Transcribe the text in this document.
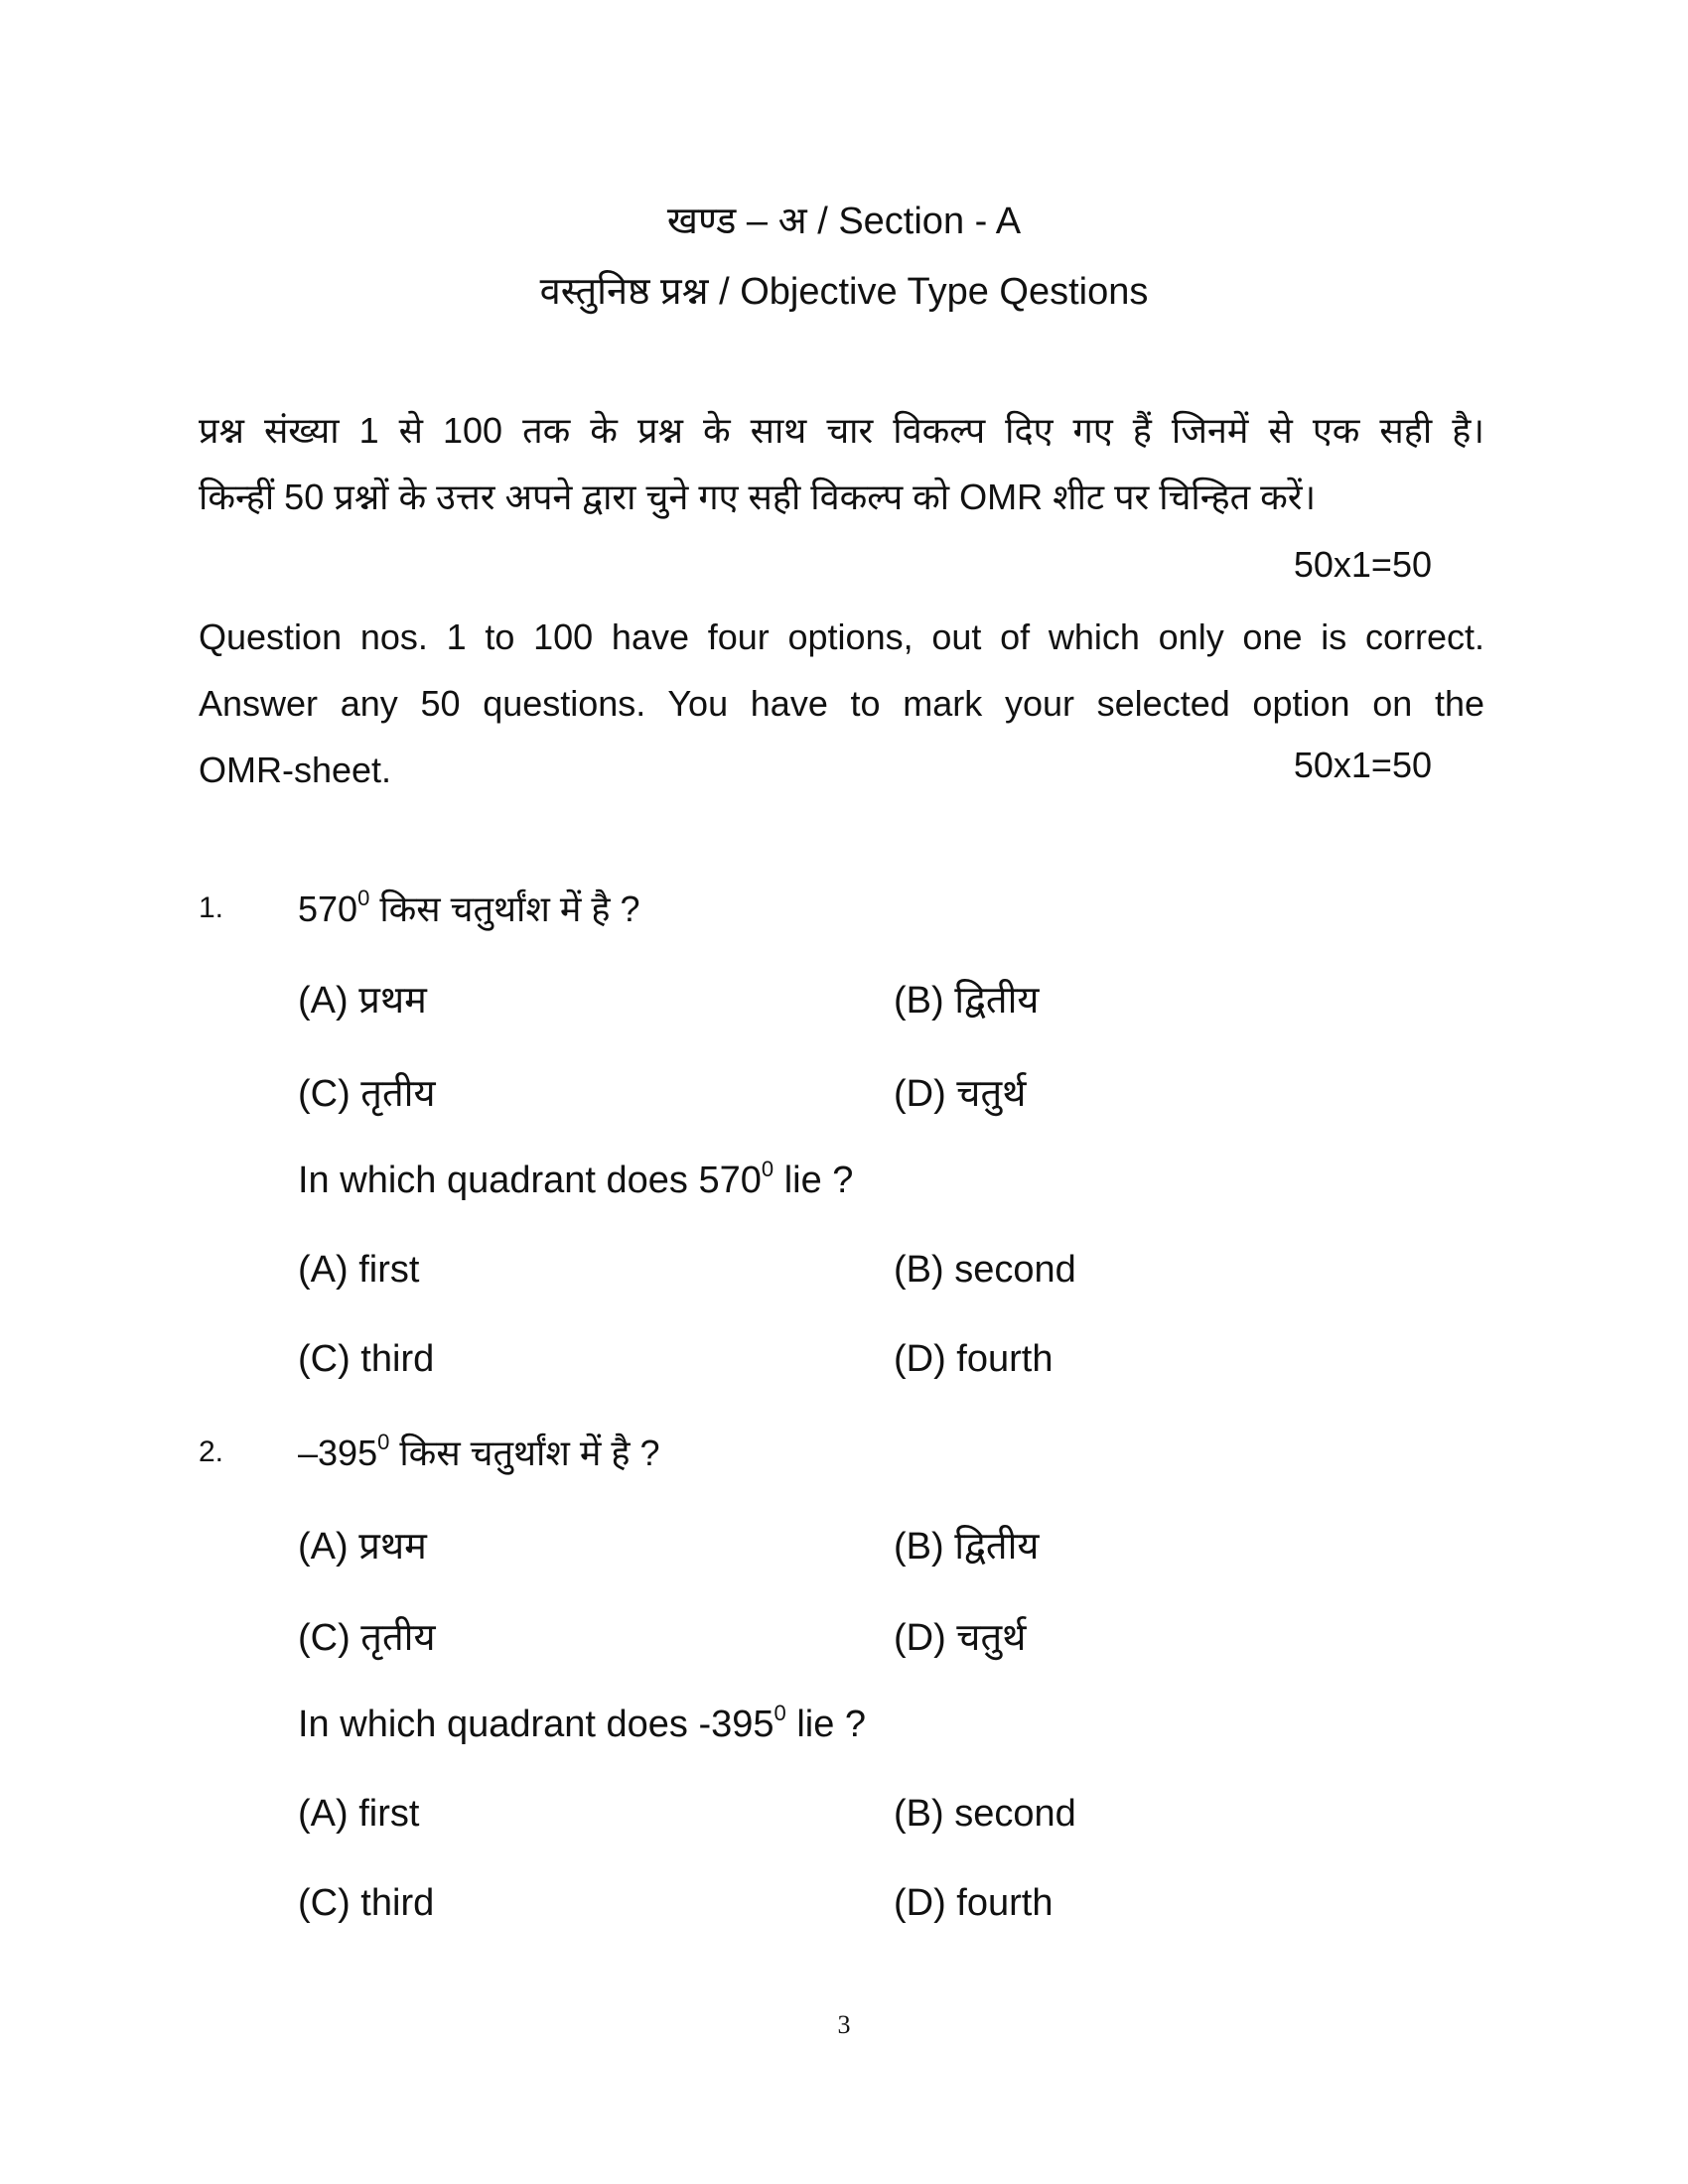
खण्ड – अ / Section - A
वस्तुनिष्ठ प्रश्न / Objective Type Qestions
प्रश्न संख्या 1 से 100 तक के प्रश्न के साथ चार विकल्प दिए गए हैं जिनमें से एक सही है।
किन्हीं 50 प्रश्नों के उत्तर अपने द्वारा चुने गए सही विकल्प को OMR शीट पर चिन्हित करें।
50x1=50
Question nos. 1 to 100 have four options, out of which only one is correct.
Answer any 50 questions. You have to mark your selected option on the
OMR-sheet.	50x1=50
1. $570^0$ किस चतुर्थांश में है ?
(A) प्रथम	(B) द्वितीय
(C) तृतीय	(D) चतुर्थ
In which quadrant does $570^0$ lie ?
(A) first	(B) second
(C) third	(D) fourth
2. $-395^0$ किस चतुर्थांश में है ?
(A) प्रथम	(B) द्वितीय
(C) तृतीय	(D) चतुर्थ
In which quadrant does $-395^0$ lie ?
(A) first	(B) second
(C) third	(D) fourth
3
